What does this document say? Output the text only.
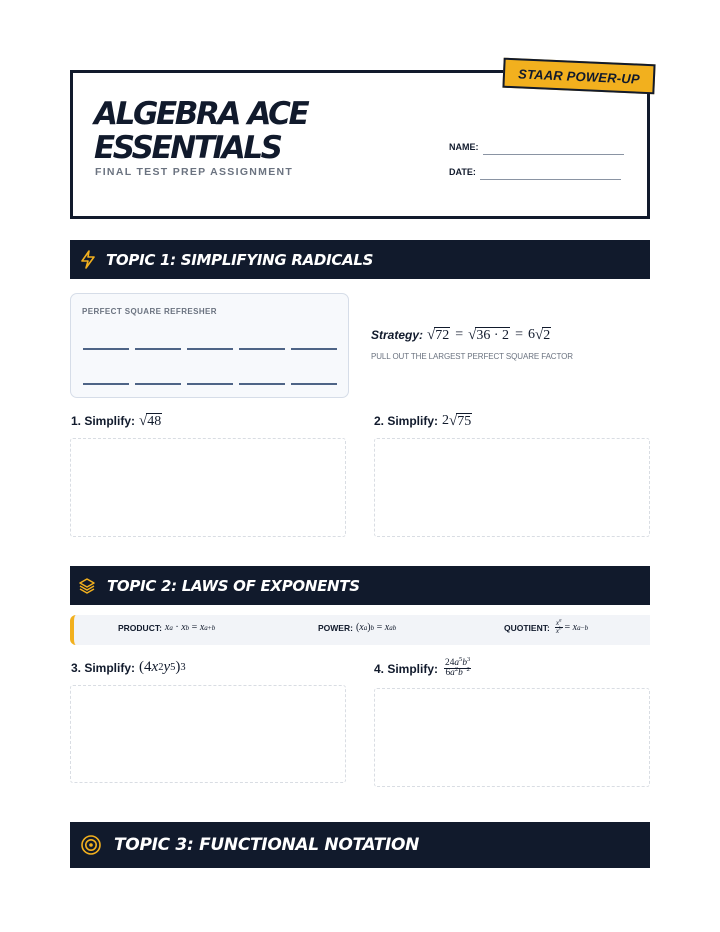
ALGEBRA ACE
ESSENTIALS
FINAL TEST PREP ASSIGNMENT
NAME:
DATE:
STAAR POWER-UP
TOPIC 1: SIMPLIFYING RADICALS
PERFECT SQUARE REFRESHER
Strategy: √ 72 = √ 36 · 2 = 6 √ 2
PULL OUT THE LARGEST PERFECT SQUARE FACTOR
1. Simplify: √ 48	2. Simplify: 2 √ 75
TOPIC 2: LAWS OF EXPONENTS
PRODUCT: x a · x b = x a+b	POWER: ( x a ) b = x ab	QUOTIENT: $\frac{x^a}{x^b} = x$ a−b
3. Simplify: (4 x 2 y 5 ) 3	4. Simplify: $\frac{24a^5b^3}{6a^2b^{-2}}$
TOPIC 3: FUNCTIONAL NOTATION
